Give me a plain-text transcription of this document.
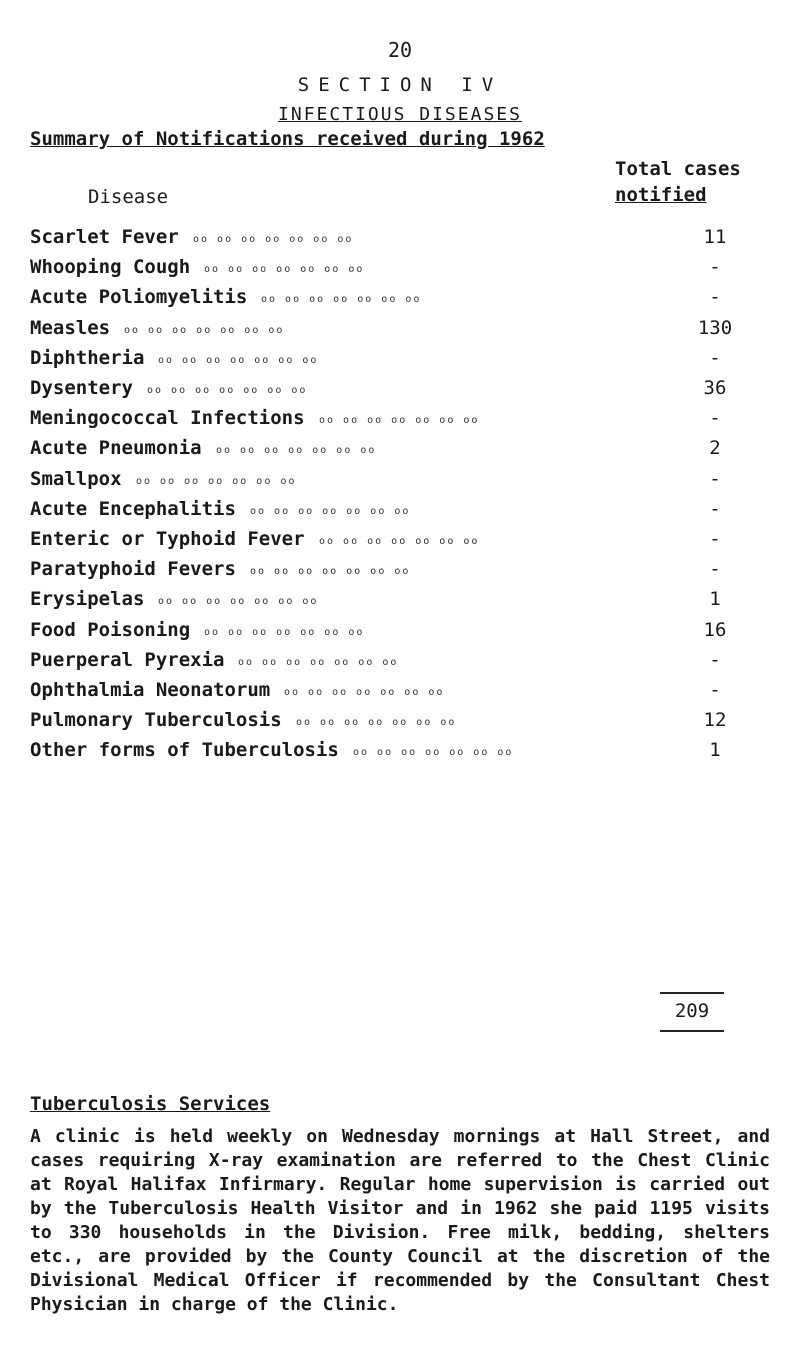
20
SECTION IV
INFECTIOUS DISEASES
Summary of Notifications received during 1962
Total cases
notified
Disease
Scarlet Fever oo oo oo oo oo oo oo	11
Whooping Cough oo oo oo oo oo oo oo	-
Acute Poliomyelitis oo oo oo oo oo oo oo	-
Measles oo oo oo oo oo oo oo	130
Diphtheria oo oo oo oo oo oo oo	-
Dysentery oo oo oo oo oo oo oo	36
Meningococcal Infections oo oo oo oo oo oo oo	-
Acute Pneumonia oo oo oo oo oo oo oo	2
Smallpox oo oo oo oo oo oo oo	-
Acute Encephalitis oo oo oo oo oo oo oo	-
Enteric or Typhoid Fever oo oo oo oo oo oo oo	-
Paratyphoid Fevers oo oo oo oo oo oo oo	-
Erysipelas oo oo oo oo oo oo oo	1
Food Poisoning oo oo oo oo oo oo oo	16
Puerperal Pyrexia oo oo oo oo oo oo oo	-
Ophthalmia Neonatorum oo oo oo oo oo oo oo	-
Pulmonary Tuberculosis oo oo oo oo oo oo oo	12
Other forms of Tuberculosis oo oo oo oo oo oo oo	1
209
Tuberculosis Services
A clinic is held weekly on Wednesday mornings at Hall Street, and cases requiring X-ray examination are referred to the Chest Clinic at Royal Halifax Infirmary. Regular home supervision is carried out by the Tuberculosis Health Visitor and in 1962 she paid 1195 visits to 330 households in the Division. Free milk, bedding, shelters etc., are provided by the County Council at the discretion of the Divisional Medical Officer if recommended by the Consultant Chest Physician in charge of the Clinic.
